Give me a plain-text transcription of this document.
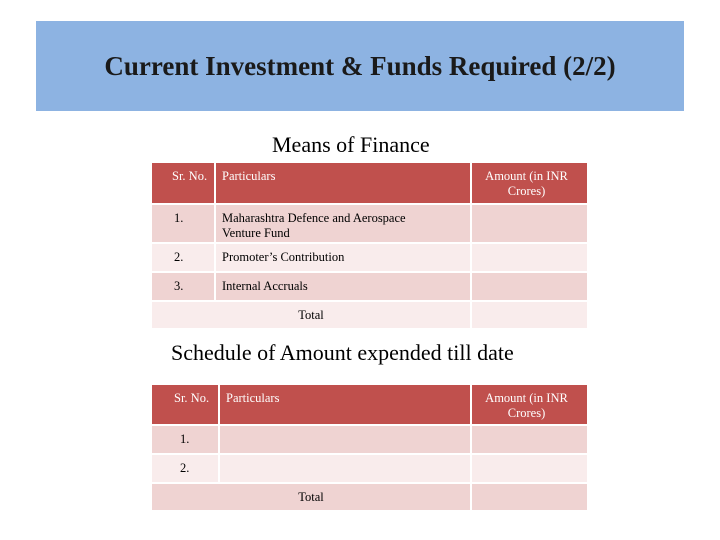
Current Investment & Funds Required (2/2)
Means of Finance
Sr. No.	Particulars	Amount (in INR Crores)

1.	Maharashtra Defence and Aerospace Venture Fund	

2.	Promoter’s Contribution	

3.	Internal Accruals	

Total		

Schedule of Amount expended till date
Sr. No.	Particulars	Amount (in INR Crores)

1.		

2.		

Total		
